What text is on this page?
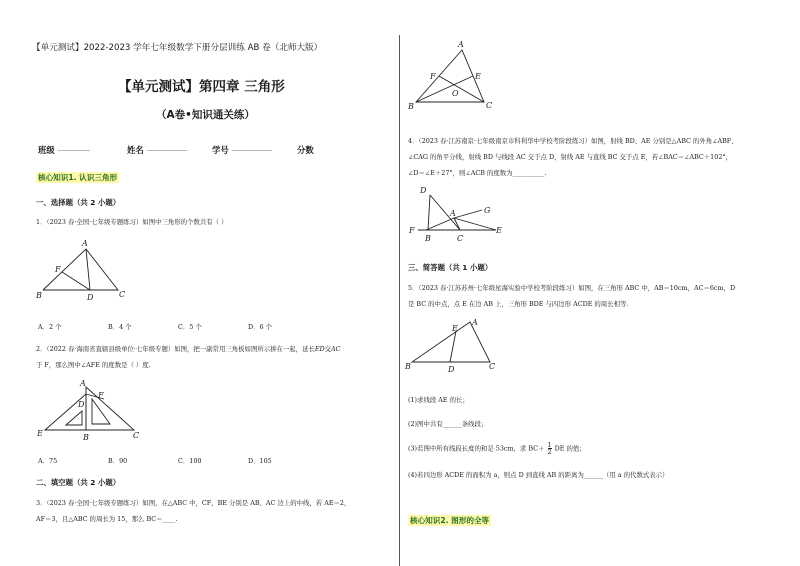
【单元测试】2022-2023 学年七年级数学下册分层训练 AB 卷（北师大版）
【单元测试】第四章 三角形
（A卷•知识通关练）
班级 ________	姓名 __________	学号 __________	分数
核心知识1. 认识三角形
一、选择题（共 2 小题）
1．（2023 春·全国·七年级专题练习）如图中三角形的个数共有（ ）
A
F
B	D	C
A．2 个	B．4 个	C．5 个	D．6 个
2．（2022 春·海南省直辖县级单位·七年级专题）如图，把一副常用三角板如图所示拼在一起，延长ED交AC
于 F，那么图中∠AFE 的度数是（ ）度.
A
F
D
E	B	C
A．75	B．90	C．100	D．105
二、填空题（共 2 小题）
3．（2023 春·全国·七年级专题练习）如图，在△ABC 中，CF、BE 分别是 AB、AC 边上的中线，若 AE＝2，
AF＝3，且△ABC 的周长为 15，那么 BC＝____.
A
F	E
O
B	C
4．（2023 春·江苏南京·七年级南京市科利华中学校考阶段练习）如图，射线 BD、AE 分别是△ABC 的外角∠ABF、
∠CAG 的角平分线，射线 BD 与线段 AC 交于点 D，射线 AE 与直线 BC 交于点 E，若∠BAC＝∠ABC＋102°，
∠D＝∠E＋27°，则∠ACB 的度数为__________.
D
G
A
F
B	C
E
三、简答题（共 1 小题）
5．（2023 春·江苏苏州·七年级星海实验中学校考阶段练习）如图，在三角形 ABC 中，AB＝10cm，AC＝6cm，D
是 BC 的中点，点 E 在边 AB 上，三角形 BDE 与四边形 ACDE 的周长相等.
A
E
B	D	C
(1)求线段 AE 的长；
(2)图中共有______条线段；
(3)若图中所有线段长度的和是 53cm，求 $BC+ \frac{1}{2}$ DE 的值；
(4)若四边形 ACDE 的面积为 a，则点 D 到直线 AB 的距离为______（用 a 的代数式表示）
核心知识2. 图形的全等
